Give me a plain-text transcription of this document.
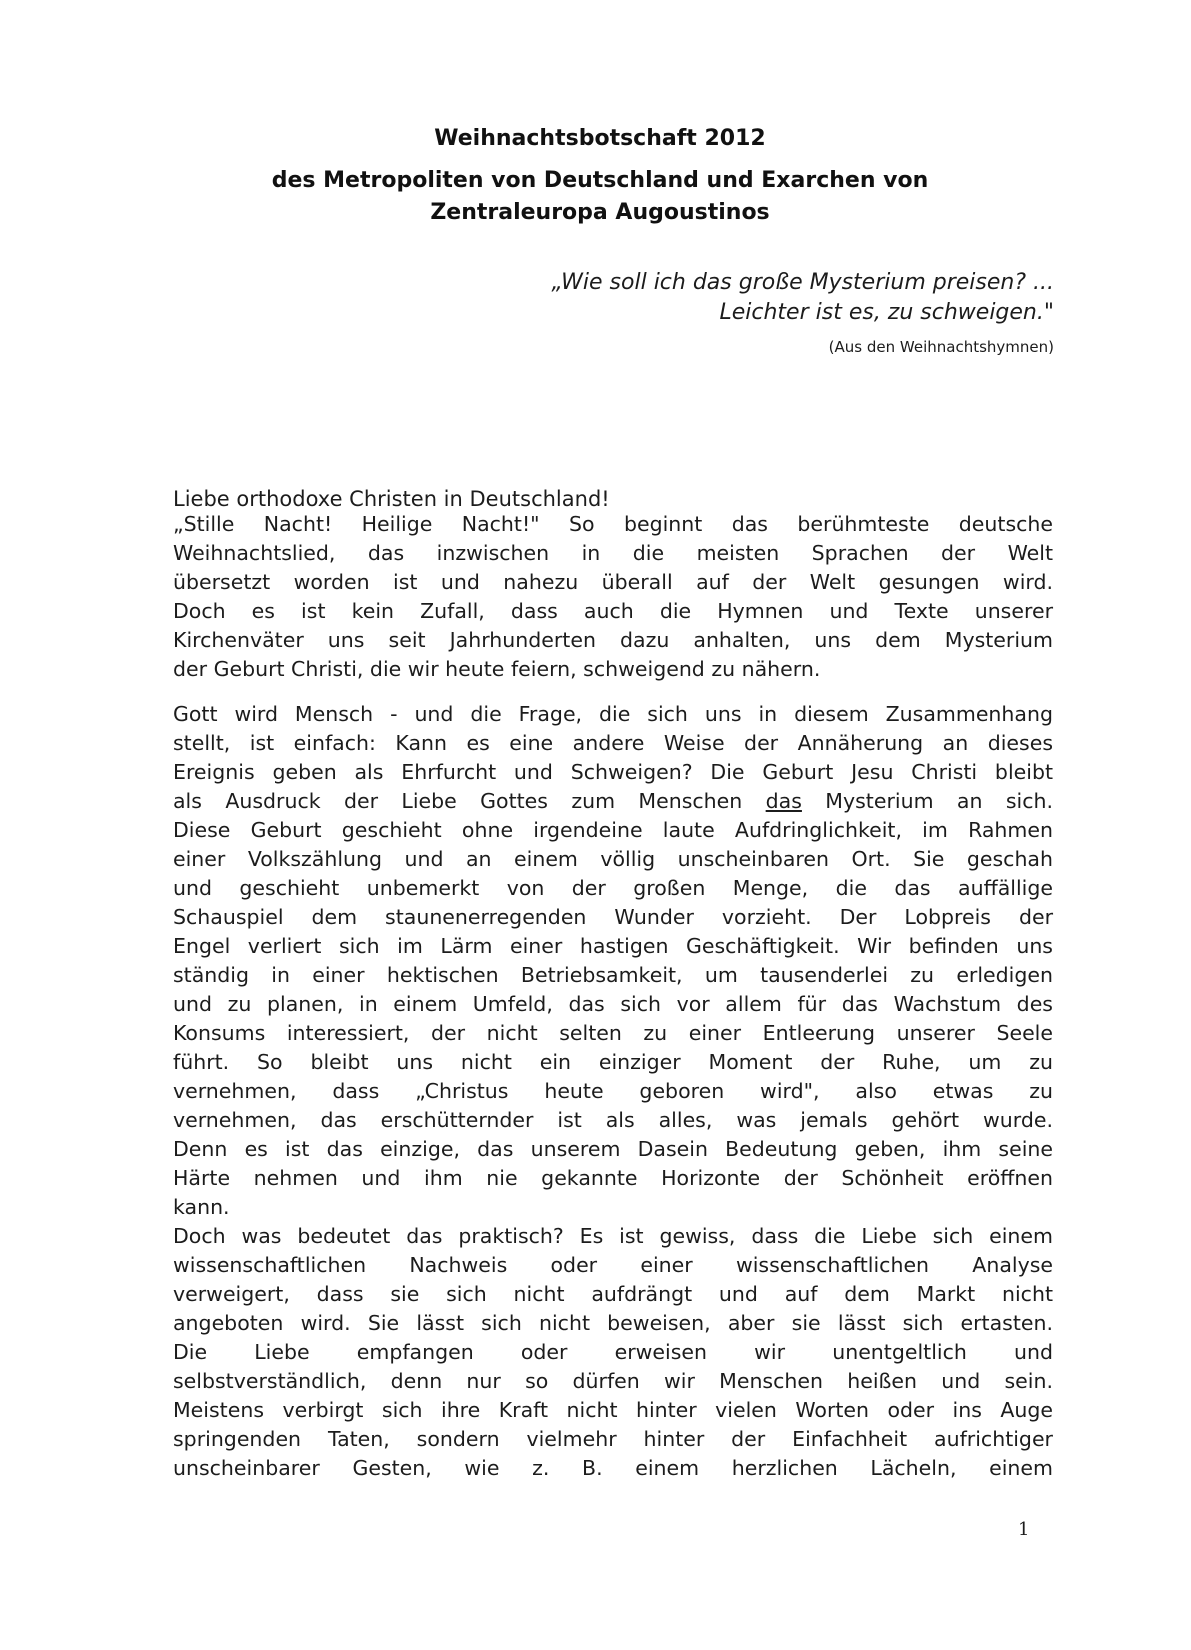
Weihnachtsbotschaft 2012
des Metropoliten von Deutschland und Exarchen von
Zentraleuropa Augoustinos
„Wie soll ich das große Mysterium preisen? ...
Leichter ist es, zu schweigen."
(Aus den Weihnachtshymnen)
Liebe orthodoxe Christen in Deutschland!
„Stille Nacht! Heilige Nacht!" So beginnt das berühmteste deutsche
Weihnachtslied, das inzwischen in die meisten Sprachen der Welt
übersetzt worden ist und nahezu überall auf der Welt gesungen wird.
Doch es ist kein Zufall, dass auch die Hymnen und Texte unserer
Kirchenväter uns seit Jahrhunderten dazu anhalten, uns dem Mysterium
der Geburt Christi, die wir heute feiern, schweigend zu nähern.
Gott wird Mensch - und die Frage, die sich uns in diesem Zusammenhang
stellt, ist einfach: Kann es eine andere Weise der Annäherung an dieses
Ereignis geben als Ehrfurcht und Schweigen? Die Geburt Jesu Christi bleibt
als Ausdruck der Liebe Gottes zum Menschen das Mysterium an sich.
Diese Geburt geschieht ohne irgendeine laute Aufdringlichkeit, im Rahmen
einer Volkszählung und an einem völlig unscheinbaren Ort. Sie geschah
und geschieht unbemerkt von der großen Menge, die das auffällige
Schauspiel dem staunenerregenden Wunder vorzieht. Der Lobpreis der
Engel verliert sich im Lärm einer hastigen Geschäftigkeit. Wir befinden uns
ständig in einer hektischen Betriebsamkeit, um tausenderlei zu erledigen
und zu planen, in einem Umfeld, das sich vor allem für das Wachstum des
Konsums interessiert, der nicht selten zu einer Entleerung unserer Seele
führt. So bleibt uns nicht ein einziger Moment der Ruhe, um zu
vernehmen, dass „Christus heute geboren wird", also etwas zu
vernehmen, das erschütternder ist als alles, was jemals gehört wurde.
Denn es ist das einzige, das unserem Dasein Bedeutung geben, ihm seine
Härte nehmen und ihm nie gekannte Horizonte der Schönheit eröffnen
kann.
Doch was bedeutet das praktisch? Es ist gewiss, dass die Liebe sich einem
wissenschaftlichen Nachweis oder einer wissenschaftlichen Analyse
verweigert, dass sie sich nicht aufdrängt und auf dem Markt nicht
angeboten wird. Sie lässt sich nicht beweisen, aber sie lässt sich ertasten.
Die Liebe empfangen oder erweisen wir unentgeltlich und
selbstverständlich, denn nur so dürfen wir Menschen heißen und sein.
Meistens verbirgt sich ihre Kraft nicht hinter vielen Worten oder ins Auge
springenden Taten, sondern vielmehr hinter der Einfachheit aufrichtiger
unscheinbarer Gesten, wie z. B. einem herzlichen Lächeln, einem
1
